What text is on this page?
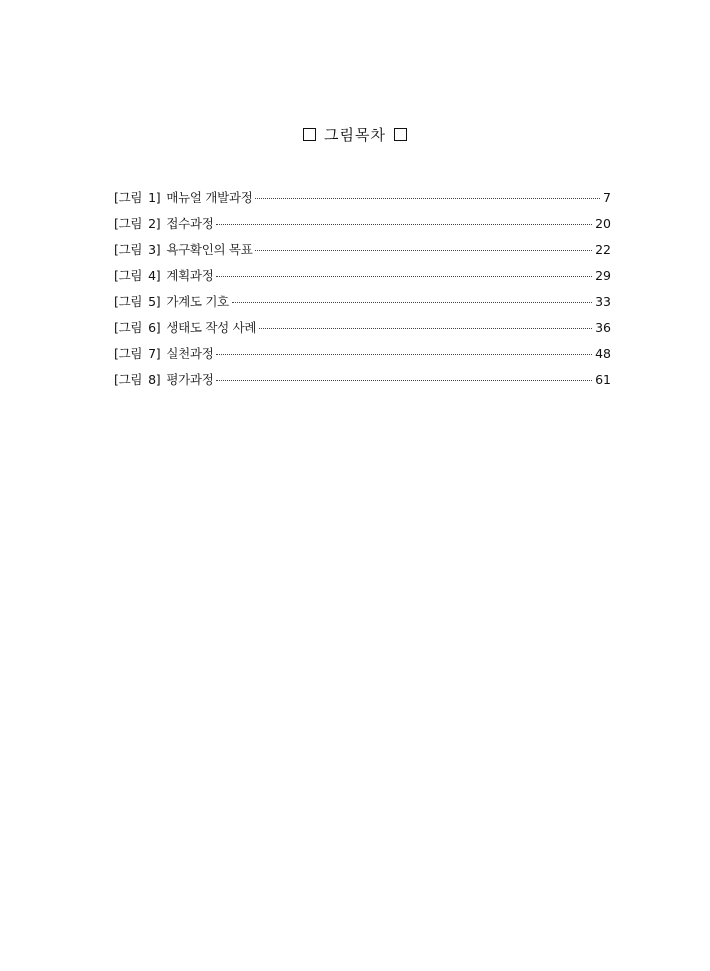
그림목차
[그림 1] 매뉴얼 개발과정	7
[그림 2] 접수과정	20
[그림 3] 욕구확인의 목표	22
[그림 4] 계획과정	29
[그림 5] 가계도 기호	33
[그림 6] 생태도 작성 사례	36
[그림 7] 실천과정	48
[그림 8] 평가과정	61
